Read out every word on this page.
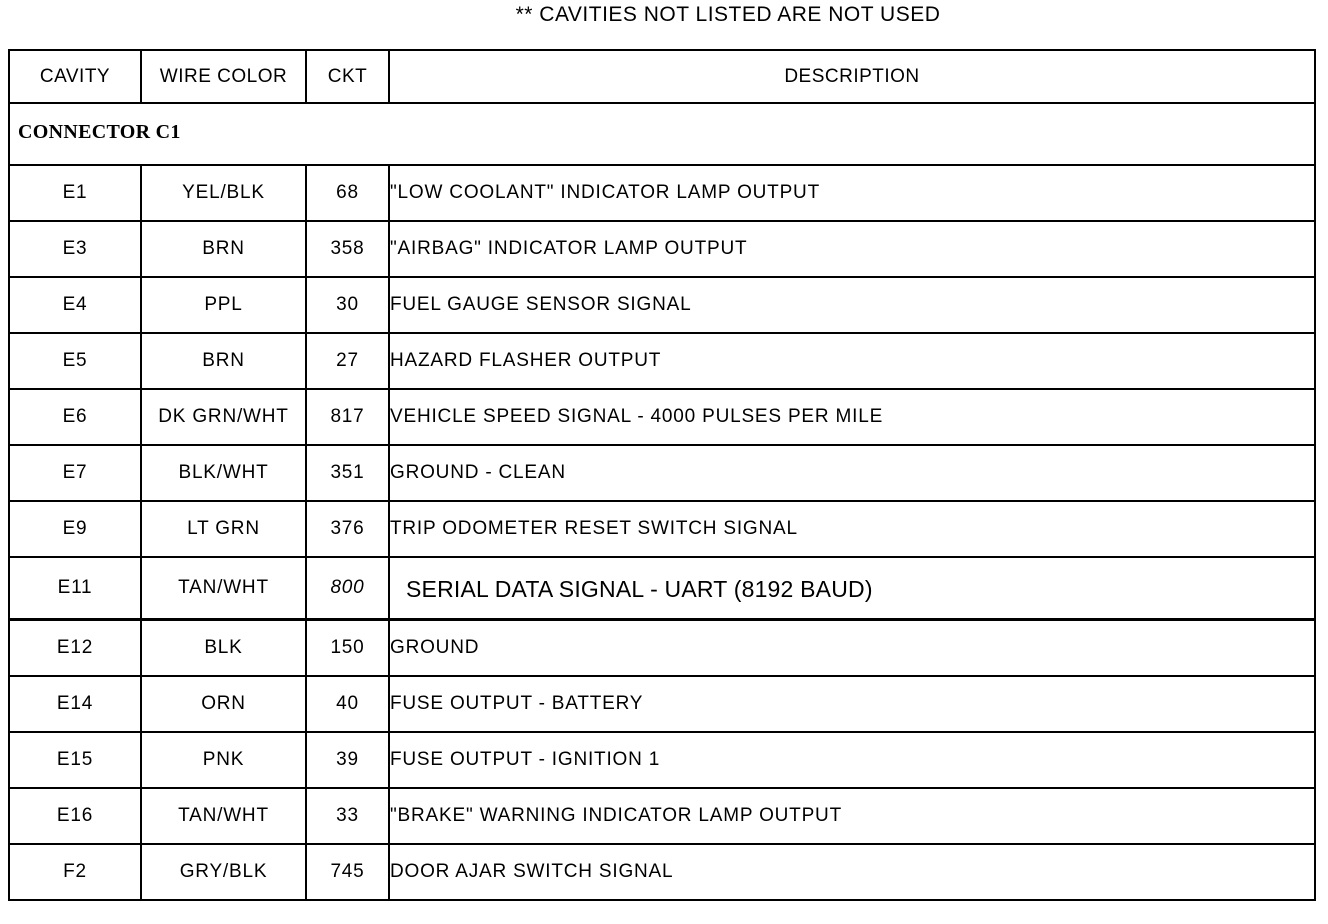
** CAVITIES NOT LISTED ARE NOT USED
CAVITY	WIRE COLOR	CKT	DESCRIPTION
CONNECTOR C1			
E1	YEL/BLK	68	"LOW COOLANT" INDICATOR LAMP OUTPUT
E3	BRN	358	"AIRBAG" INDICATOR LAMP OUTPUT
E4	PPL	30	FUEL GAUGE SENSOR SIGNAL
E5	BRN	27	HAZARD FLASHER OUTPUT
E6	DK GRN/WHT	817	VEHICLE SPEED SIGNAL - 4000 PULSES PER MILE
E7	BLK/WHT	351	GROUND - CLEAN
E9	LT GRN	376	TRIP ODOMETER RESET SWITCH SIGNAL
E11	TAN/WHT	800	SERIAL DATA SIGNAL - UART (8192 BAUD)
E12	BLK	150	GROUND
E14	ORN	40	FUSE OUTPUT - BATTERY
E15	PNK	39	FUSE OUTPUT - IGNITION 1
E16	TAN/WHT	33	"BRAKE" WARNING INDICATOR LAMP OUTPUT
F2	GRY/BLK	745	DOOR AJAR SWITCH SIGNAL
